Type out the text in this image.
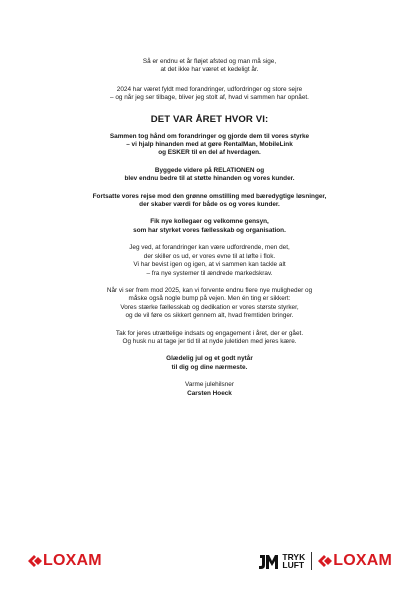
Så er endnu et år fløjet afsted og man må sige,
at det ikke har været et kedeligt år.

2024 har været fyldt med forandringer, udfordringer og store sejre
– og når jeg ser tilbage, bliver jeg stolt af, hvad vi sammen har opnået.

DET VAR ÅRET HVOR VI:

Sammen tog hånd om forandringer og gjorde dem til vores styrke
– vi hjalp hinanden med at gøre RentalMan, MobileLink
og ESKER til en del af hverdagen.

Byggede videre på RELATIONEN og
blev endnu bedre til at støtte hinanden og vores kunder.

Fortsatte vores rejse mod den grønne omstilling med bæredygtige løsninger,
der skaber værdi for både os og vores kunder.

Fik nye kollegaer og velkomne gensyn,
som har styrket vores fællesskab og organisation.

Jeg ved, at forandringer kan være udfordrende, men det,
der skiller os ud, er vores evne til at løfte i flok.
Vi har bevist igen og igen, at vi sammen kan tackle alt
– fra nye systemer til ændrede markedskrav.

Når vi ser frem mod 2025, kan vi forvente endnu flere nye muligheder og
måske også nogle bump på vejen. Men én ting er sikkert:
Vores stærke fællesskab og dedikation er vores største styrker,
og de vil føre os sikkert gennem alt, hvad fremtiden bringer.

Tak for jeres utrættelige indsats og engagement i året, der er gået.
Og husk nu at tage jer tid til at nyde juletiden med jeres kære.

Glædelig jul og et godt nytår
til dig og dine nærmeste.

Varme julehilsner
Carsten Hoeck

LOXAM	TRYK
LUFT LOXAM
